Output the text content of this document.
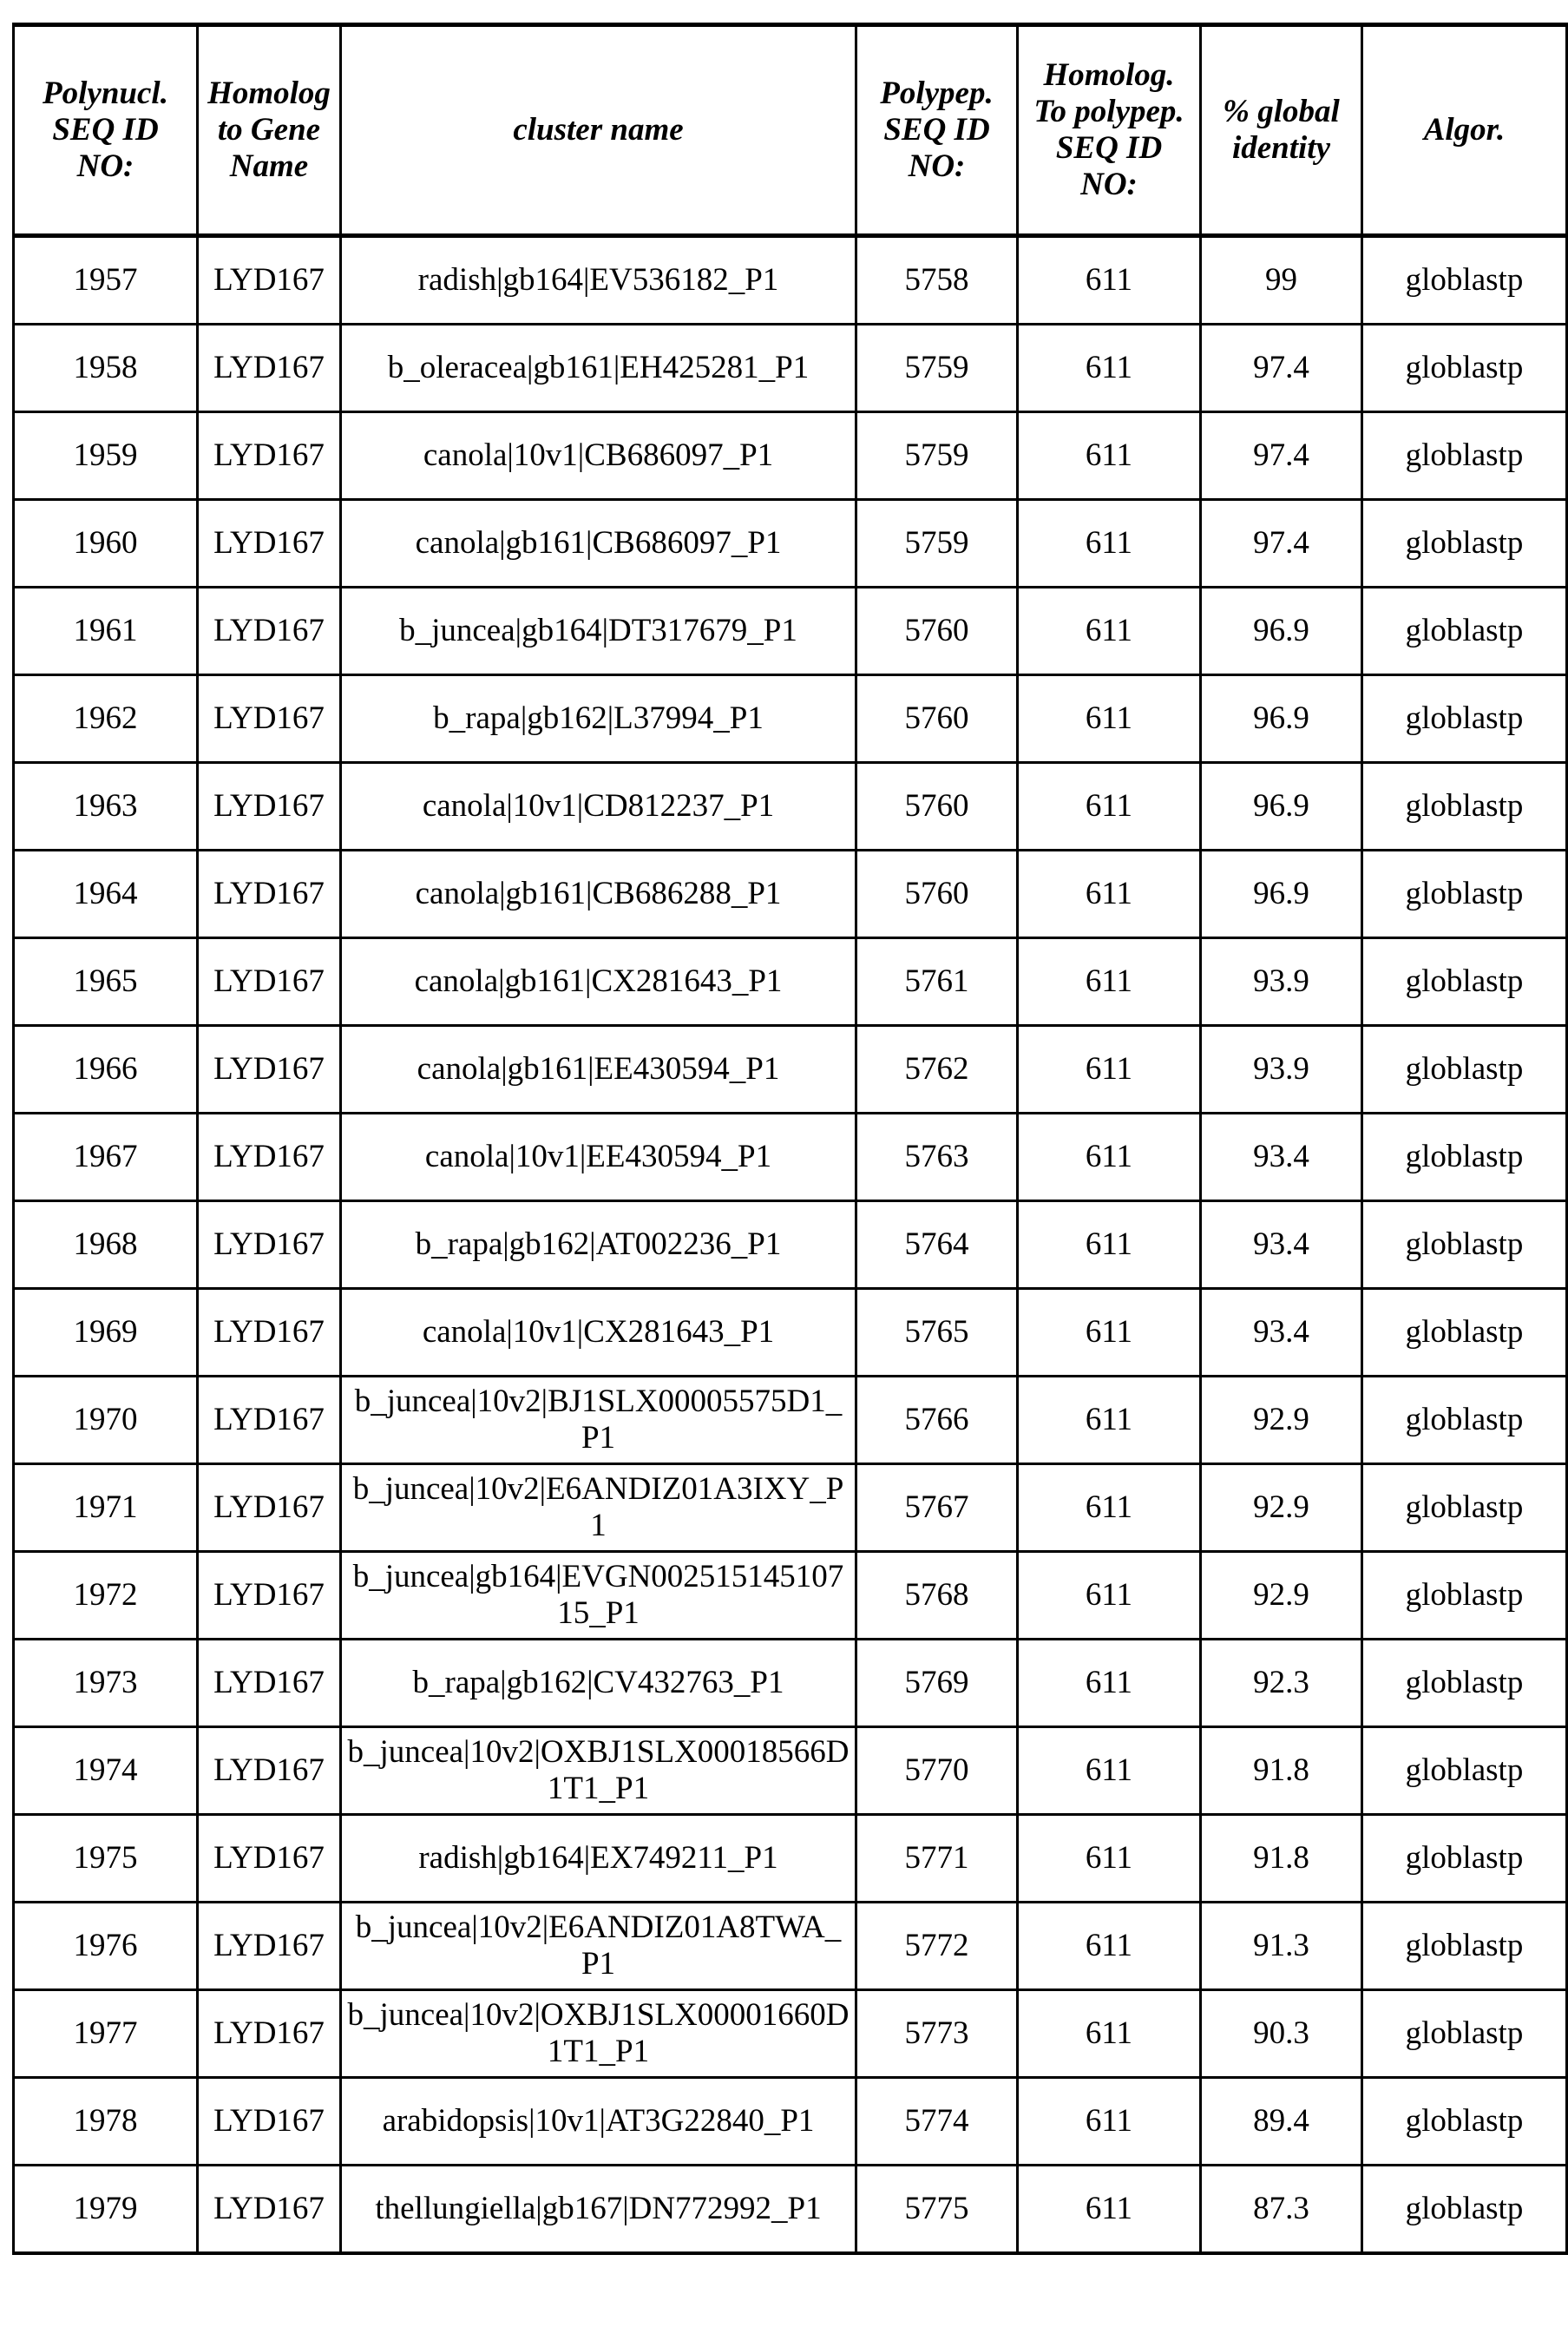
Polynucl. SEQ ID NO:	Homolog to Gene Name	cluster name	Polypep. SEQ ID NO:	Homolog. To polypep. SEQ ID NO:	% global identity	Algor.
1957	LYD167	radish|gb164|EV536182_P1	5758	611	99	globlastp
1958	LYD167	b_oleracea|gb161|EH425281_P1	5759	611	97.4	globlastp
1959	LYD167	canola|10v1|CB686097_P1	5759	611	97.4	globlastp
1960	LYD167	canola|gb161|CB686097_P1	5759	611	97.4	globlastp
1961	LYD167	b_juncea|gb164|DT317679_P1	5760	611	96.9	globlastp
1962	LYD167	b_rapa|gb162|L37994_P1	5760	611	96.9	globlastp
1963	LYD167	canola|10v1|CD812237_P1	5760	611	96.9	globlastp
1964	LYD167	canola|gb161|CB686288_P1	5760	611	96.9	globlastp
1965	LYD167	canola|gb161|CX281643_P1	5761	611	93.9	globlastp
1966	LYD167	canola|gb161|EE430594_P1	5762	611	93.9	globlastp
1967	LYD167	canola|10v1|EE430594_P1	5763	611	93.4	globlastp
1968	LYD167	b_rapa|gb162|AT002236_P1	5764	611	93.4	globlastp
1969	LYD167	canola|10v1|CX281643_P1	5765	611	93.4	globlastp
1970	LYD167	b_juncea|10v2|BJ1SLX00005575D1_P1	5766	611	92.9	globlastp
1971	LYD167	b_juncea|10v2|E6ANDIZ01A3IXY_P1	5767	611	92.9	globlastp
1972	LYD167	b_juncea|gb164|EVGN00251514510715_P1	5768	611	92.9	globlastp
1973	LYD167	b_rapa|gb162|CV432763_P1	5769	611	92.3	globlastp
1974	LYD167	b_juncea|10v2|OXBJ1SLX00018566D1T1_P1	5770	611	91.8	globlastp
1975	LYD167	radish|gb164|EX749211_P1	5771	611	91.8	globlastp
1976	LYD167	b_juncea|10v2|E6ANDIZ01A8TWA_P1	5772	611	91.3	globlastp
1977	LYD167	b_juncea|10v2|OXBJ1SLX00001660D1T1_P1	5773	611	90.3	globlastp
1978	LYD167	arabidopsis|10v1|AT3G22840_P1	5774	611	89.4	globlastp
1979	LYD167	thellungiella|gb167|DN772992_P1	5775	611	87.3	globlastp
